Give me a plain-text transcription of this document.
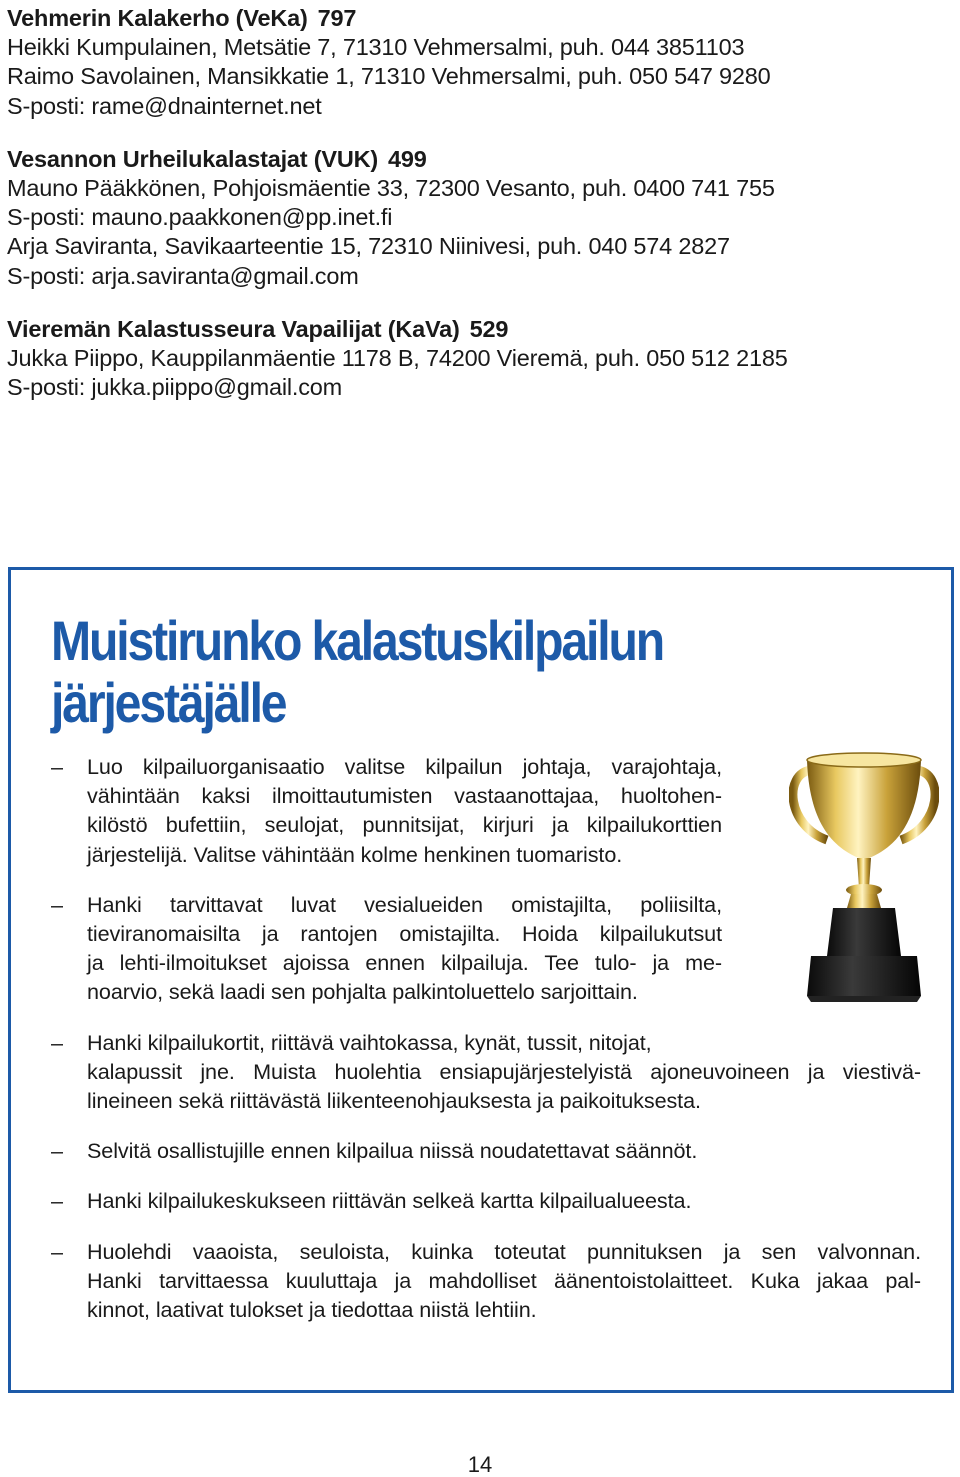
Vehmerin Kalakerho (VeKa) 797
Heikki Kumpulainen, Metsätie 7, 71310 Vehmersalmi, puh. 044 3851103
Raimo Savolainen, Mansikkatie 1, 71310 Vehmersalmi, puh. 050 547 9280
S-posti: rame@dnainternet.net
Vesannon Urheilukalastajat (VUK) 499
Mauno Pääkkönen, Pohjoismäentie 33, 72300 Vesanto, puh. 0400 741 755
S-posti: mauno.paakkonen@pp.inet.fi
Arja Saviranta, Savikaarteentie 15, 72310 Niinivesi, puh. 040 574 2827
S-posti: arja.saviranta@gmail.com
Vieremän Kalastusseura Vapailijat (KaVa) 529
Jukka Piippo, Kauppilanmäentie 1178 B, 74200 Vieremä, puh. 050 512 2185
S-posti: jukka.piippo@gmail.com
Muistirunko kalastuskilpailun
järjestäjälle
– Luo kilpailuorganisaatio valitse kilpailun johtaja, varajohtaja,
vähintään kaksi ilmoittautumisten vastaanottajaa, huoltohen-
kilöstö bufettiin, seulojat, punnitsijat, kirjuri ja kilpailukorttien
järjestelijä. Valitse vähintään kolme henkinen tuomaristo.
– Hanki tarvittavat luvat vesialueiden omistajilta, poliisilta,
tieviranomaisilta ja rantojen omistajilta. Hoida kilpailukutsut
ja lehti-ilmoitukset ajoissa ennen kilpailuja. Tee tulo- ja me-
noarvio, sekä laadi sen pohjalta palkintoluettelo sarjoittain.
– Hanki kilpailukortit, riittävä vaihtokassa, kynät, tussit, nitojat,
kalapussit jne. Muista huolehtia ensiapujärjestelyistä ajoneuvoineen ja viestivä-
lineineen sekä riittävästä liikenteenohjauksesta ja paikoituksesta.
– Selvitä osallistujille ennen kilpailua niissä noudatettavat säännöt.
– Hanki kilpailukeskukseen riittävän selkeä kartta kilpailualueesta.
– Huolehdi vaaoista, seuloista, kuinka toteutat punnituksen ja sen valvonnan.
Hanki tarvittaessa kuuluttaja ja mahdolliset äänentoistolaitteet. Kuka jakaa pal-
kinnot, laativat tulokset ja tiedottaa niistä lehtiin.
14
